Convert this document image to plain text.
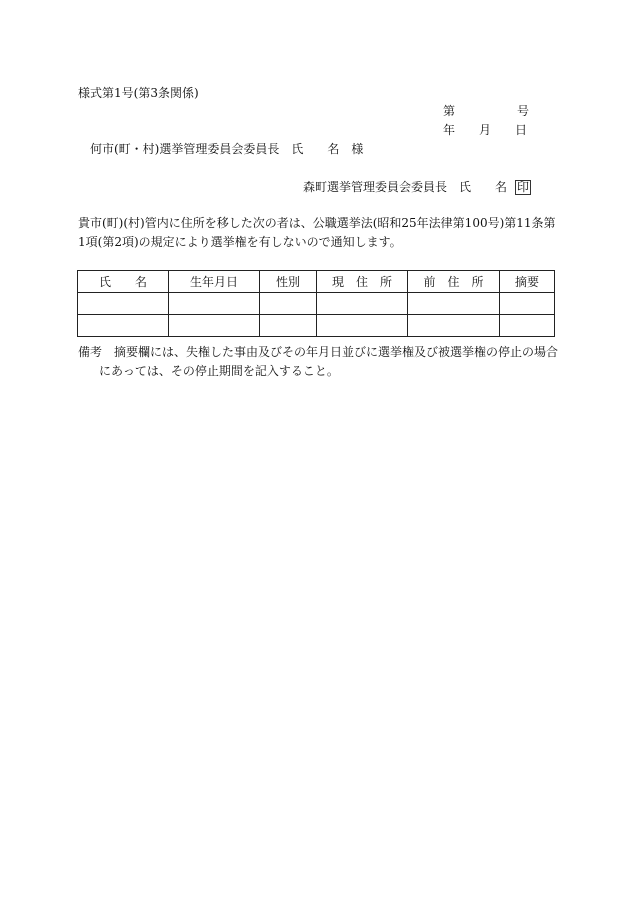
様式第1号(第3条関係)
第	号
年 月 日
何市(町・村)選挙管理委員会委員長 氏 名 様
森町選挙管理委員会委員長 氏 名 印
貴市(町)(村)管内に住所を移した次の者は、公職選挙法(昭和25年法律第100号)第11条第
1項(第2項)の規定により選挙権を有しないので通知します。
氏　　名	生年月日	性別	現　住　所	前　住　所	摘要

備考 摘要欄には、失権した事由及びその年月日並びに選挙権及び被選挙権の停止の場合
にあっては、その停止期間を記入すること。
